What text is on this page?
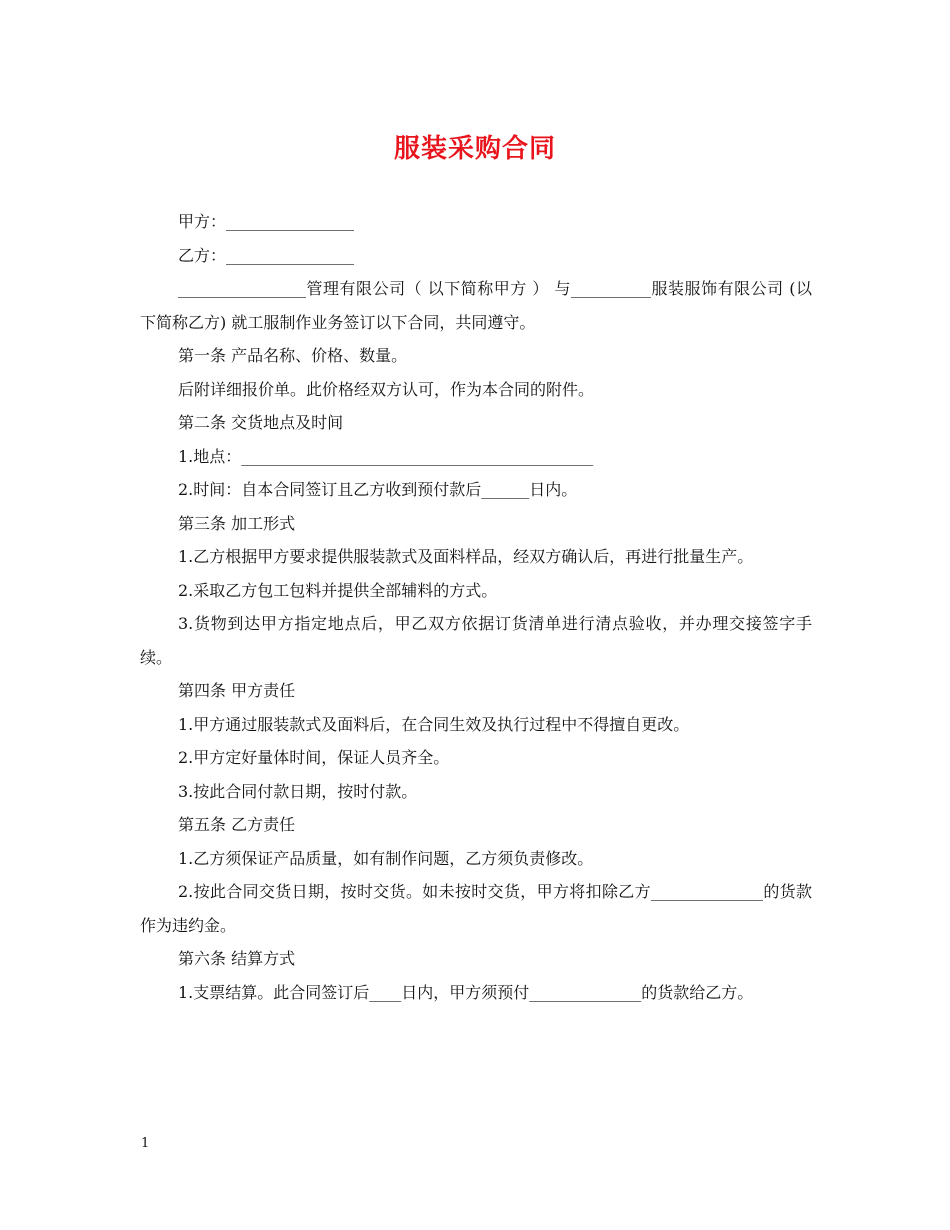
服装采购合同

甲方：________________

乙方：________________

________________管理有限公司（ 以下简称甲方 ） 与__________服装服饰有限公司 (以下简称乙方) 就工服制作业务签订以下合同，共同遵守。

第一条 产品名称、价格、数量。

后附详细报价单。此价格经双方认可，作为本合同的附件。

第二条 交货地点及时间

1.地点：____________________________________________

2.时间：自本合同签订且乙方收到预付款后______日内。

第三条 加工形式

1.乙方根据甲方要求提供服装款式及面料样品，经双方确认后，再进行批量生产。

2.采取乙方包工包料并提供全部辅料的方式。

3.货物到达甲方指定地点后，甲乙双方依据订货清单进行清点验收，并办理交接签字手续。

第四条 甲方责任

1.甲方通过服装款式及面料后，在合同生效及执行过程中不得擅自更改。

2.甲方定好量体时间，保证人员齐全。

3.按此合同付款日期，按时付款。

第五条 乙方责任

1.乙方须保证产品质量，如有制作问题，乙方须负责修改。

2.按此合同交货日期，按时交货。如未按时交货，甲方将扣除乙方______________的货款作为违约金。

第六条 结算方式

1.支票结算。此合同签订后____日内，甲方须预付______________的货款给乙方。

1
